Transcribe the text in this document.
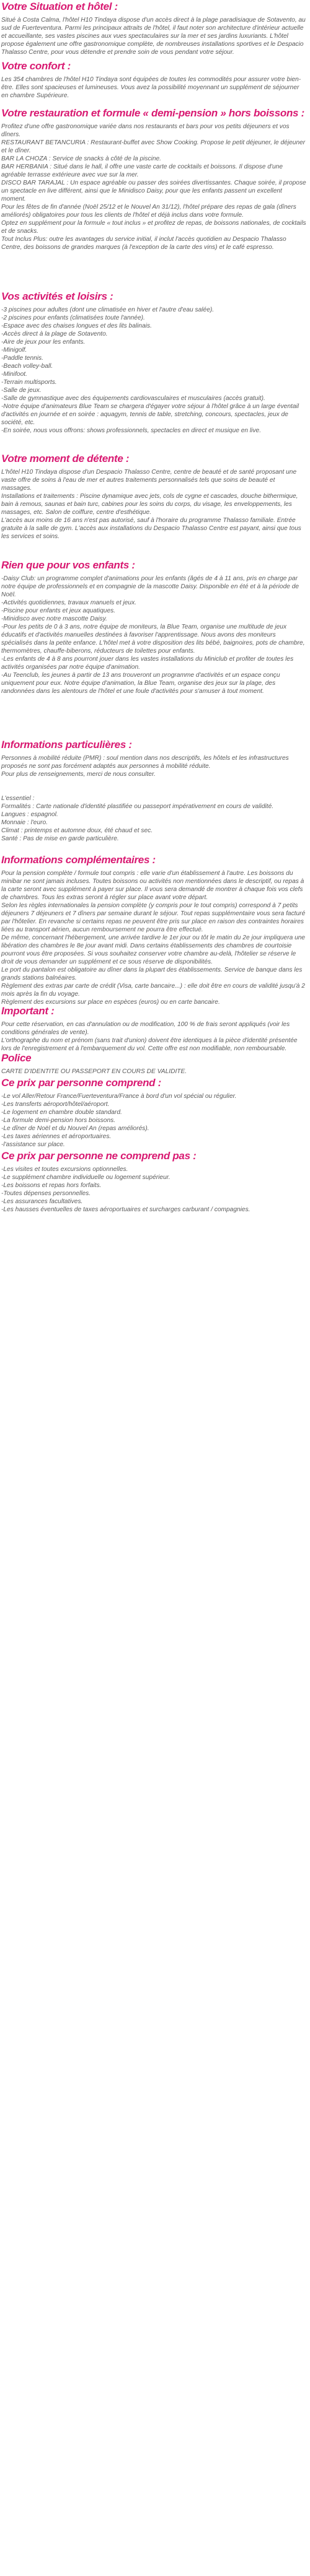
Votre Situation et hôtel :

Situé à Costa Calma, l'hôtel H10 Tindaya dispose d'un accès direct à la plage paradisiaque de Sotavento, au sud de Fuerteventura. Parmi les principaux attraits de l'hôtel, il faut noter son architecture d'intérieur actuelle et accueillante, ses vastes piscines aux vues spectaculaires sur la mer et ses jardins luxuriants. L'hôtel propose également une offre gastronomique complète, de nombreuses installations sportives et le Despacio Thalasso Centre, pour vous détendre et prendre soin de vous pendant votre séjour.

Votre confort :

Les 354 chambres de l'hôtel H10 Tindaya sont équipées de toutes les commodités pour assurer votre bien-être. Elles sont spacieuses et lumineuses. Vous avez la possibilité moyennant un supplément de séjourner en chambre Supérieure.

Votre restauration et formule « demi-pension » hors boissons :

Profitez d'une offre gastronomique variée dans nos restaurants et bars pour vos petits déjeuners et vos dîners.
RESTAURANT BETANCURIA : Restaurant-buffet avec Show Cooking. Propose le petit déjeuner, le déjeuner et le dîner.
BAR LA CHOZA : Service de snacks à côté de la piscine.
BAR HERBANIA : Situé dans le hall, il offre une vaste carte de cocktails et boissons. Il dispose d'une agréable terrasse extérieure avec vue sur la mer.
DISCO BAR TARAJAL : Un espace agréable ou passer des soirées divertissantes. Chaque soirée, il propose un spectacle en live différent, ainsi que le Minidisco Daisy, pour que les enfants passent un excellent moment.
Pour les fêtes de fin d'année (Noël 25/12 et le Nouvel An 31/12), l'hôtel prépare des repas de gala (dîners améliorés) obligatoires pour tous les clients de l'hôtel et déjà inclus dans votre formule.
Optez en supplément pour la formule « tout inclus » et profitez de repas, de boissons nationales, de cocktails et de snacks.
Tout Inclus Plus: outre les avantages du service initial, il inclut l'accès quotidien au Despacio Thalasso Centre, des boissons de grandes marques (à l'exception de la carte des vins) et le café espresso.

Vos activités et loisirs :

-3 piscines pour adultes (dont une climatisée en hiver et l'autre d'eau salée).
-2 piscines pour enfants (climatisées toute l'année).
-Espace avec des chaises longues et des lits balinais.
-Accès direct à la plage de Sotavento.
-Aire de jeux pour les enfants.
-Minigolf.
-Paddle tennis.
-Beach volley-ball.
-Minifoot.
-Terrain multisports.
-Salle de jeux.
-Salle de gymnastique avec des équipements cardiovasculaires et musculaires (accès gratuit).
-Notre équipe d'animateurs Blue Team se chargera d'égayer votre séjour à l'hôtel grâce à un large éventail d'activités en journée et en soirée : aquagym, tennis de table, stretching, concours, spectacles, jeux de société, etc.
-En soirée, nous vous offrons: shows professionnels, spectacles en direct et musique en live.

Votre moment de détente :

L'hôtel H10 Tindaya dispose d'un Despacio Thalasso Centre, centre de beauté et de santé proposant une vaste offre de soins à l'eau de mer et autres traitements personnalisés tels que soins de beauté et massages.
Installations et traitements : Piscine dynamique avec jets, cols de cygne et cascades, douche bithermique, bain à remous, saunas et bain turc, cabines pour les soins du corps, du visage, les enveloppements, les massages, etc. Salon de coiffure, centre d'esthétique.
L'accès aux moins de 16 ans n'est pas autorisé, sauf à l'horaire du programme Thalasso familiale. Entrée gratuite à la salle de gym. L'accès aux installations du Despacio Thalasso Centre est payant, ainsi que tous les services et soins.

Rien que pour vos enfants :

-Daisy Club: un programme complet d'animations pour les enfants (âgés de 4 à 11 ans, pris en charge par notre équipe de professionnels et en compagnie de la mascotte Daisy. Disponible en été et à la période de Noël.
-Activités quotidiennes, travaux manuels et jeux.
-Piscine pour enfants et jeux aquatiques.
-Minidisco avec notre mascotte Daisy.
-Pour les petits de 0 à 3 ans, notre équipe de moniteurs, la Blue Team, organise une multitude de jeux éducatifs et d'activités manuelles destinées à favoriser l'apprentissage. Nous avons des moniteurs spécialisés dans la petite enfance. L'hôtel met à votre disposition des lits bébé, baignoires, pots de chambre, thermomètres, chauffe-biberons, réducteurs de toilettes pour enfants.
-Les enfants de 4 à 8 ans pourront jouer dans les vastes installations du Miniclub et profiter de toutes les activités organisées par notre équipe d'animation.
-Au Teenclub, les jeunes à partir de 13 ans trouveront un programme d'activités et un espace conçu uniquement pour eux. Notre équipe d'animation, la Blue Team, organise des jeux sur la plage, des randonnées dans les alentours de l'hôtel et une foule d'activités pour s'amuser à tout moment.

Informations particulières :

Personnes à mobilité réduite (PMR) : soul mention dans nos descriptifs, les hôtels et les infrastructures proposés ne sont pas forcément adaptés aux personnes à mobilité réduite.
Pour plus de renseignements, merci de nous consulter.

L'essentiel :
Formalités : Carte nationale d'identité plastifiée ou passeport impérativement en cours de validité.
Langues : espagnol.
Monnaie : l'euro.
Climat : printemps et automne doux, été chaud et sec.
Santé : Pas de mise en garde particulière.

Informations complémentaires :

Pour la pension complète / formule tout compris : elle varie d'un établissement à l'autre. Les boissons du minibar ne sont jamais incluses. Toutes boissons ou activités non mentionnées dans le descriptif, ou repas à la carte seront avec supplément à payer sur place. Il vous sera demandé de montrer à chaque fois vos clefs de chambres. Tous les extras seront à régler sur place avant votre départ.
Selon les règles internationales la pension complète (y compris pour le tout compris) correspond à 7 petits déjeuners 7 déjeuners et 7 dîners par semaine durant le séjour. Tout repas supplémentaire vous sera facturé par l'hôtelier. En revanche si certains repas ne peuvent être pris sur place en raison des contraintes horaires liées au transport aérien, aucun remboursement ne pourra être effectué.
De même, concernant l'hébergement, une arrivée tardive le 1er jour ou tôt le matin du 2e jour impliquera une libération des chambres le 8e jour avant midi. Dans certains établissements des chambres de courtoisie pourront vous être proposées. Si vous souhaitez conserver votre chambre au-delà, l'hôtelier se réserve le droit de vous demander un supplément et ce sous réserve de disponibilités.
Le port du pantalon est obligatoire au dîner dans la plupart des établissements. Service de banque dans les grands stations balnéaires.
Règlement des extras par carte de crédit (Visa, carte bancaire...) : elle doit être en cours de validité jusqu'à 2 mois après la fin du voyage.
Règlement des excursions sur place en espèces (euros) ou en carte bancaire.

Important :

Pour cette réservation, en cas d'annulation ou de modification, 100 % de frais seront appliqués (voir les conditions générales de vente).
L'orthographe du nom et prénom (sans trait d'union) doivent être identiques à la pièce d'identité présentée lors de l'enregistrement et à l'embarquement du vol. Cette offre est non modifiable, non remboursable.

Police

CARTE D'IDENTITE OU PASSEPORT EN COURS DE VALIDITE.

Ce prix par personne comprend :

-Le vol Aller/Retour France/Fuerteventura/France à bord d'un vol spécial ou régulier.
-Les transferts aéroport/hôtel/aéroport.
-Le logement en chambre double standard.
-La formule demi-pension hors boissons.
-Le dîner de Noël et du Nouvel An (repas améliorés).
-Les taxes aériennes et aéroportuaires.
-l'assistance sur place.

Ce prix par personne ne comprend pas :

-Les visites et toutes excursions optionnelles.
-Le supplément chambre individuelle ou logement supérieur.
-Les boissons et repas hors forfaits.
-Toutes dépenses personnelles.
-Les assurances facultatives.
-Les hausses éventuelles de taxes aéroportuaires et surcharges carburant / compagnies.
